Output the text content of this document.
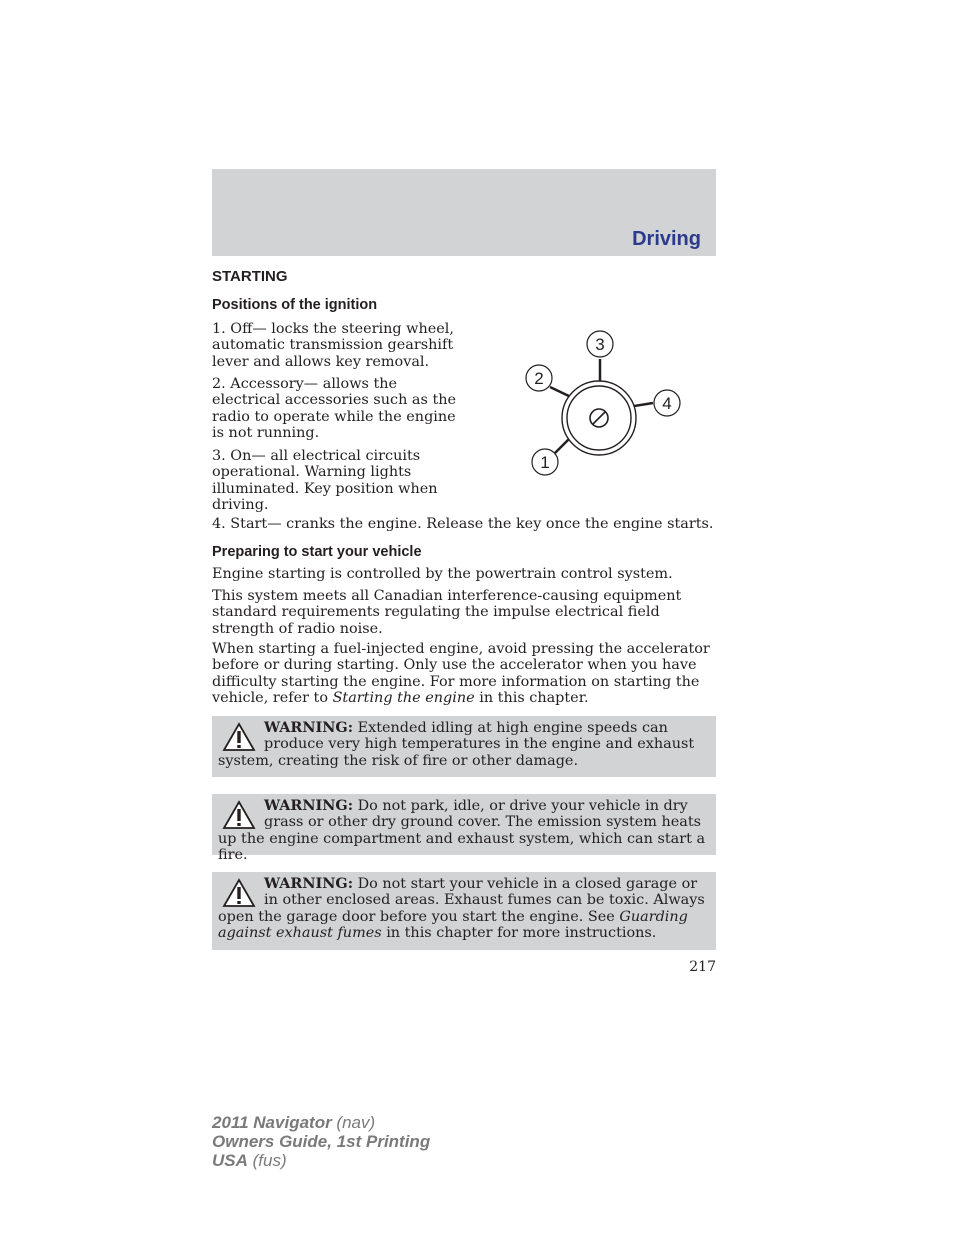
Driving
STARTING
Positions of the ignition

1. Off— locks the steering wheel, automatic transmission gearshift lever and allows key removal.

2. Accessory— allows the electrical accessories such as the radio to operate while the engine is not running.

3. On— all electrical circuits operational. Warning lights illuminated. Key position when driving.

4. Start— cranks the engine. Release the key once the engine starts.

3
2
4
1
Preparing to start your vehicle

Engine starting is controlled by the powertrain control system.

This system meets all Canadian interference-causing equipment standard requirements regulating the impulse electrical field strength of radio noise.

When starting a fuel-injected engine, avoid pressing the accelerator before or during starting. Only use the accelerator when you have difficulty starting the engine. For more information on starting the vehicle, refer to Starting the engine in this chapter.

WARNING: Extended idling at high engine speeds can produce very high temperatures in the engine and exhaust system, creating the risk of fire or other damage.
WARNING: Do not park, idle, or drive your vehicle in dry grass or other dry ground cover. The emission system heats up the engine compartment and exhaust system, which can start a fire.
WARNING: Do not start your vehicle in a closed garage or in other enclosed areas. Exhaust fumes can be toxic. Always open the garage door before you start the engine. See Guarding against exhaust fumes in this chapter for more instructions.
217
2011 Navigator (nav)
Owners Guide, 1st Printing
USA (fus)
